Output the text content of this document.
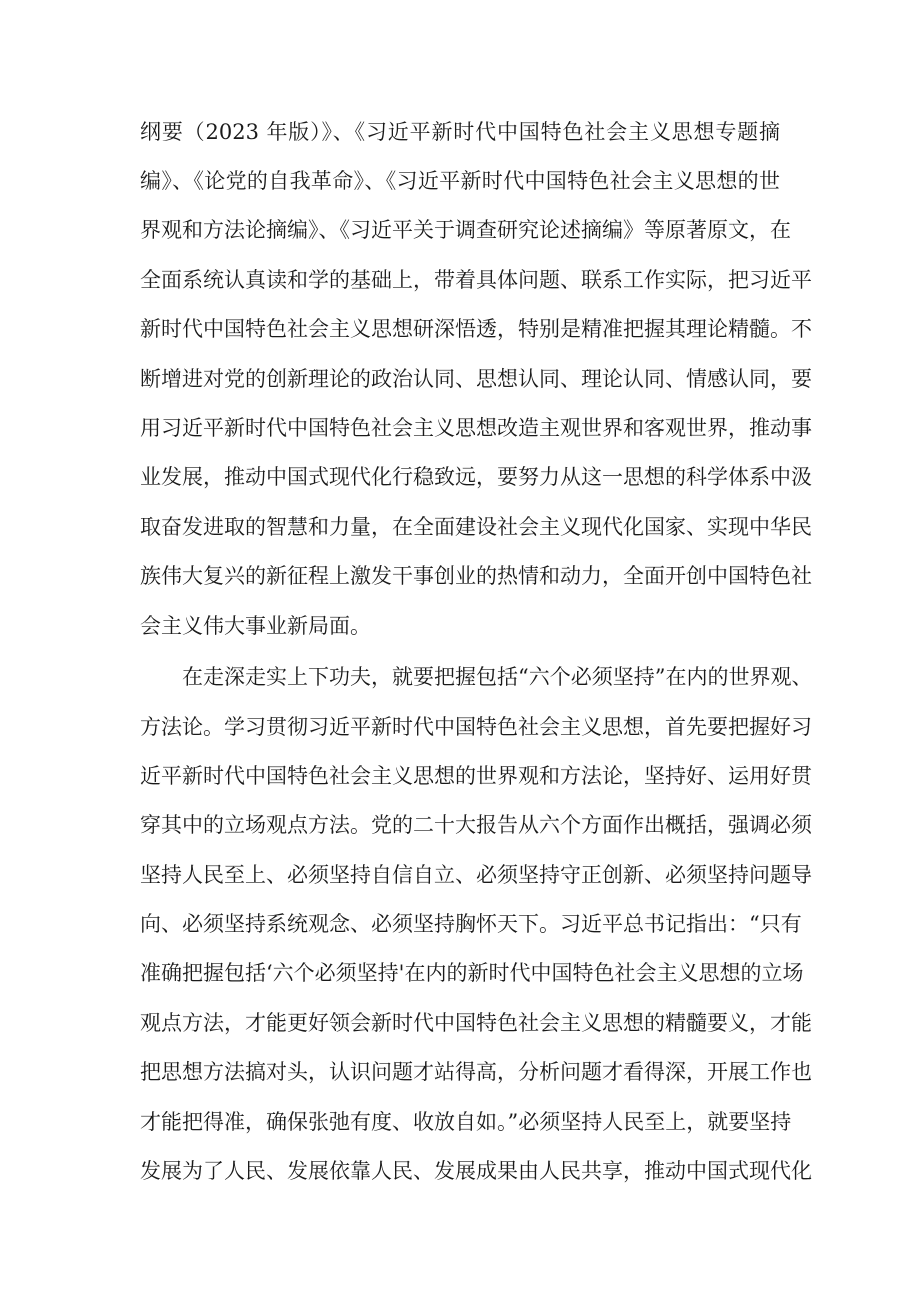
纲要（2023 年版）》、《习近平新时代中国特色社会主义思想专题摘
编》、《论党的自我革命》、《习近平新时代中国特色社会主义思想的世
界观和方法论摘编》、《习近平关于调查研究论述摘编》等原著原文，在
全面系统认真读和学的基础上，带着具体问题、联系工作实际，把习近平
新时代中国特色社会主义思想研深悟透，特别是精准把握其理论精髓。不
断增进对党的创新理论的政治认同、思想认同、理论认同、情感认同，要
用习近平新时代中国特色社会主义思想改造主观世界和客观世界，推动事
业发展，推动中国式现代化行稳致远，要努力从这一思想的科学体系中汲
取奋发进取的智慧和力量，在全面建设社会主义现代化国家、实现中华民
族伟大复兴的新征程上激发干事创业的热情和动力，全面开创中国特色社
会主义伟大事业新局面。
在走深走实上下功夫，就要把握包括“六个必须坚持”在内的世界观、
方法论。学习贯彻习近平新时代中国特色社会主义思想，首先要把握好习
近平新时代中国特色社会主义思想的世界观和方法论，坚持好、运用好贯
穿其中的立场观点方法。党的二十大报告从六个方面作出概括，强调必须
坚持人民至上、必须坚持自信自立、必须坚持守正创新、必须坚持问题导
向、必须坚持系统观念、必须坚持胸怀天下。习近平总书记指出：“只有
准确把握包括‘六个必须坚持'在内的新时代中国特色社会主义思想的立场
观点方法，才能更好领会新时代中国特色社会主义思想的精髓要义，才能
把思想方法搞对头，认识问题才站得高，分析问题才看得深，开展工作也
才能把得准，确保张弛有度、收放自如。”必须坚持人民至上，就要坚持
发展为了人民、发展依靠人民、发展成果由人民共享，推动中国式现代化
